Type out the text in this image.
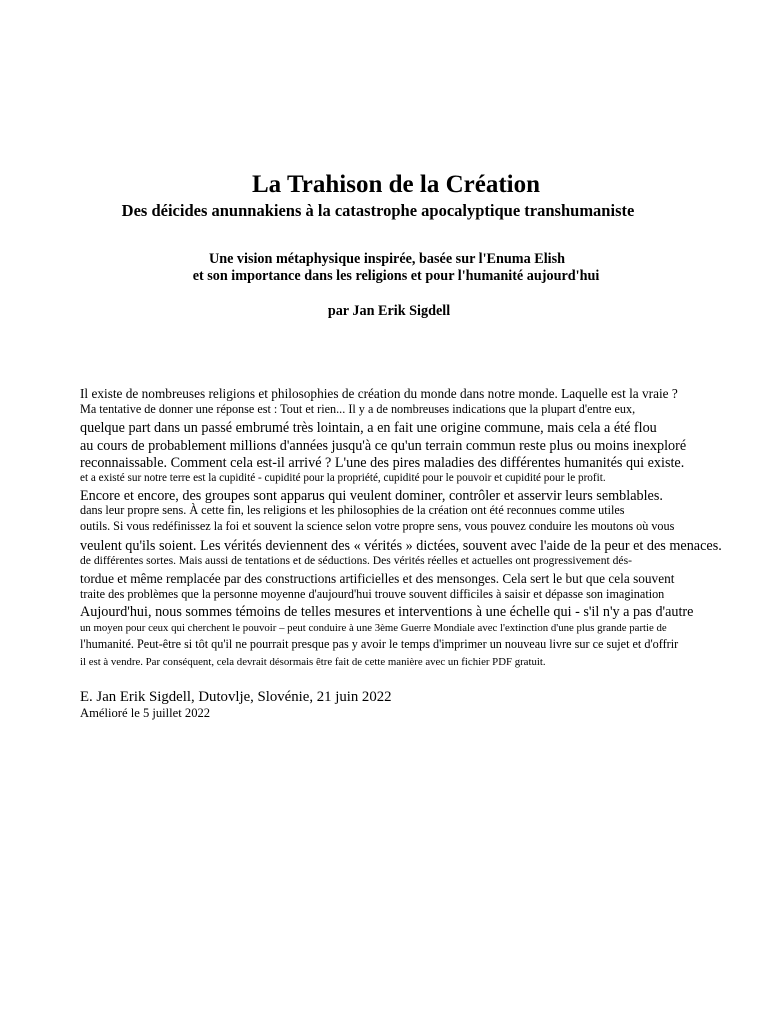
La Trahison de la Création
Des déicides anunnakiens à la catastrophe apocalyptique transhumaniste
Une vision métaphysique inspirée, basée sur l'Enuma Elish
et son importance dans les religions et pour l'humanité aujourd'hui
par Jan Erik Sigdell
Il existe de nombreuses religions et philosophies de création du monde dans notre monde. Laquelle est la vraie ?
Ma tentative de donner une réponse est : Tout et rien... Il y a de nombreuses indications que la plupart d'entre eux,
quelque part dans un passé embrumé très lointain, a en fait une origine commune, mais cela a été flou
au cours de probablement millions d'années jusqu'à ce qu'un terrain commun reste plus ou moins inexploré
reconnaissable. Comment cela est-il arrivé ? L'une des pires maladies des différentes humanités qui existe.
et a existé sur notre terre est la cupidité - cupidité pour la propriété, cupidité pour le pouvoir et cupidité pour le profit.
Encore et encore, des groupes sont apparus qui veulent dominer, contrôler et asservir leurs semblables.
dans leur propre sens. À cette fin, les religions et les philosophies de la création ont été reconnues comme utiles
outils. Si vous redéfinissez la foi et souvent la science selon votre propre sens, vous pouvez conduire les moutons où vous
veulent qu'ils soient. Les vérités deviennent des « vérités » dictées, souvent avec l'aide de la peur et des menaces.
de différentes sortes. Mais aussi de tentations et de séductions. Des vérités réelles et actuelles ont progressivement dés-
tordue et même remplacée par des constructions artificielles et des mensonges. Cela sert le but que cela souvent
traite des problèmes que la personne moyenne d'aujourd'hui trouve souvent difficiles à saisir et dépasse son imagination
Aujourd'hui, nous sommes témoins de telles mesures et interventions à une échelle qui - s'il n'y a pas d'autre
un moyen pour ceux qui cherchent le pouvoir – peut conduire à une 3ème Guerre Mondiale avec l'extinction d'une plus grande partie de
l'humanité. Peut-être si tôt qu'il ne pourrait presque pas y avoir le temps d'imprimer un nouveau livre sur ce sujet et d'offrir
il est à vendre. Par conséquent, cela devrait désormais être fait de cette manière avec un fichier PDF gratuit.
E. Jan Erik Sigdell, Dutovlje, Slovénie, 21 juin 2022
Amélioré le 5 juillet 2022
